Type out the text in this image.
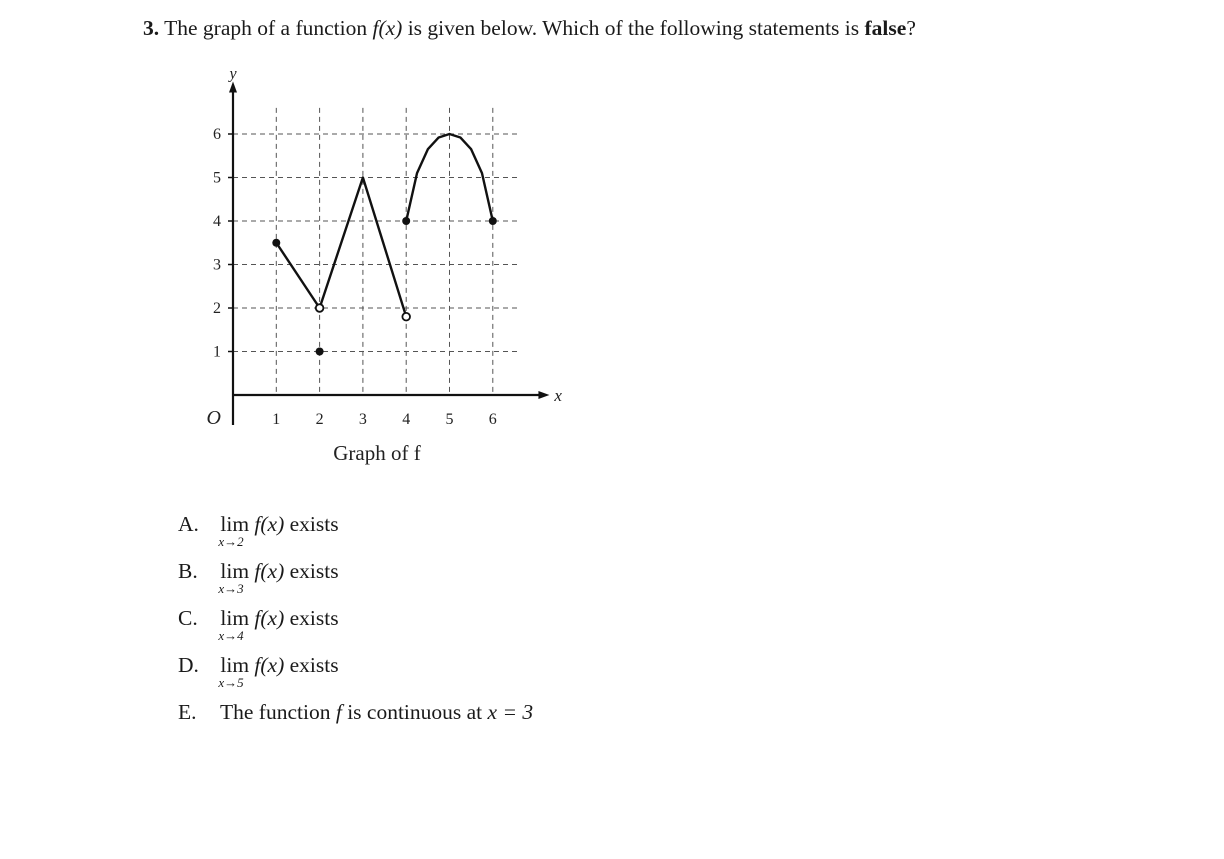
3. The graph of a function f(x) is given below. Which of the following statements is false?
1
2
3
4
5
6
1 2 3 4 5 6
y
x
O
Graph of f
A. lim
x→2
f(x) exists
B. lim
x→3
f(x) exists
C. lim
x→4
f(x) exists
D. lim
x→5
f(x) exists
E. The function f is continuous at x = 3
